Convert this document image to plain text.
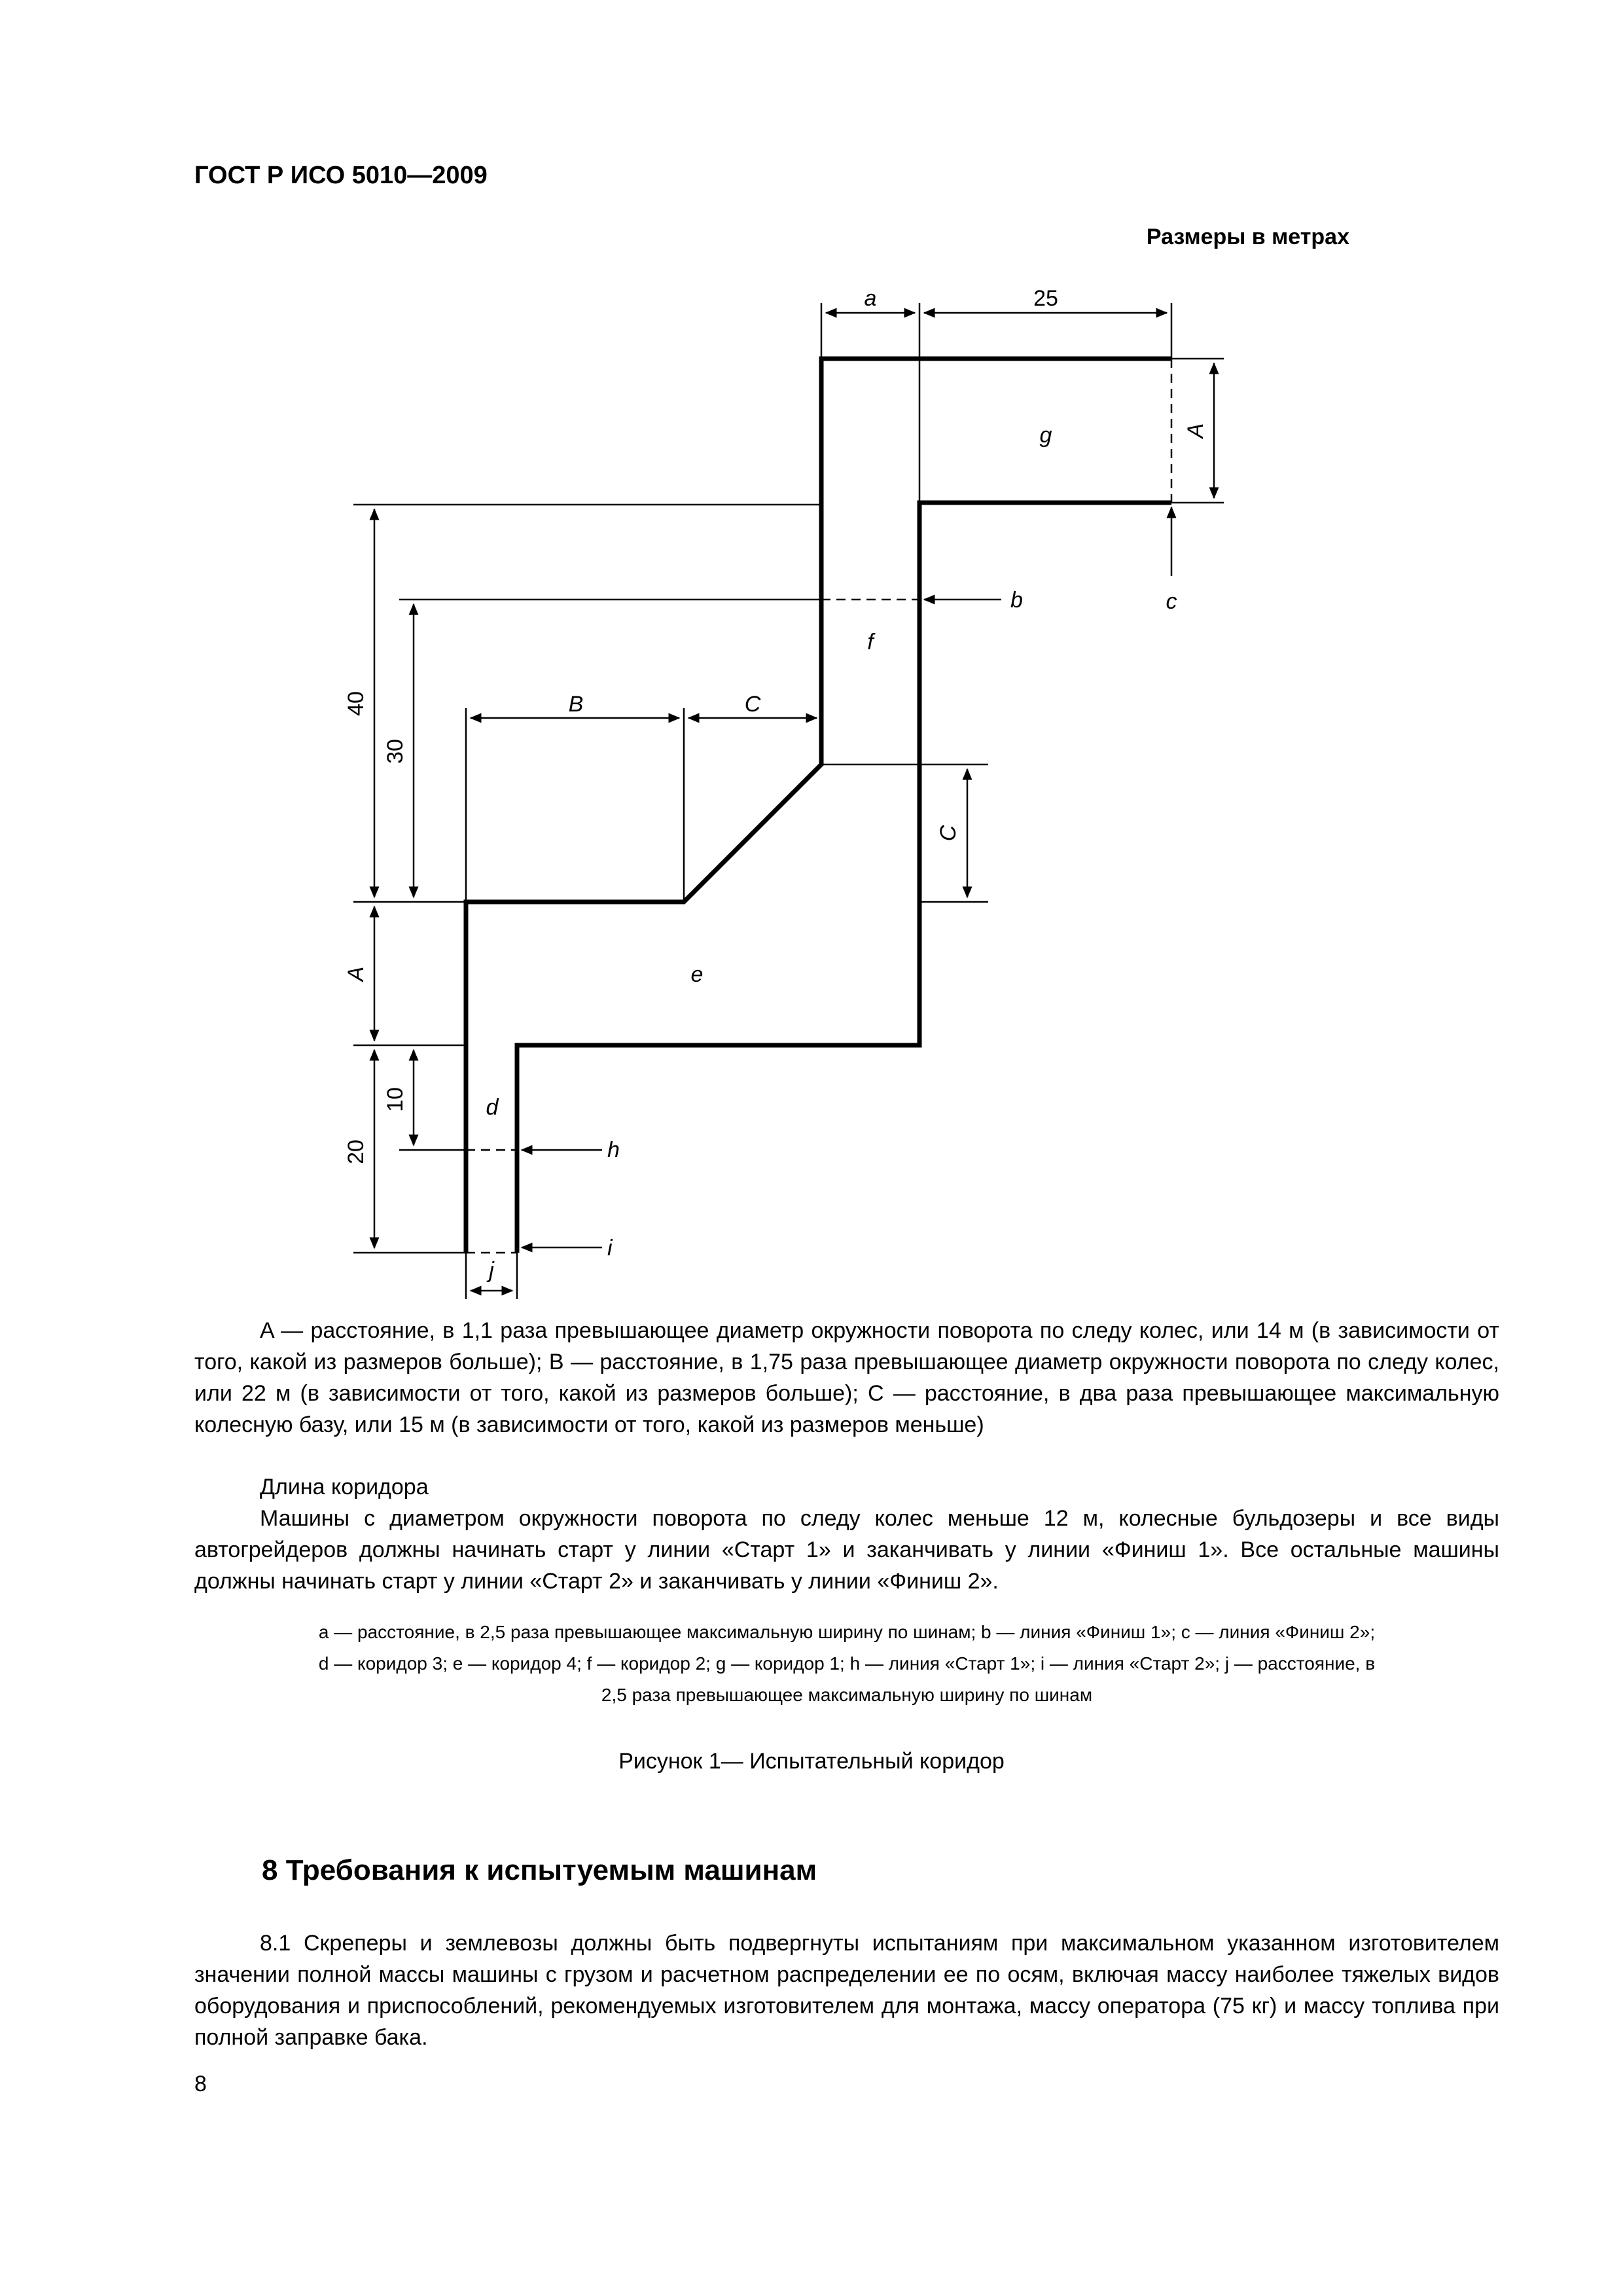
ГОСТ Р ИСО 5010—2009
Размеры в метрах
a	25
A
g
b	c
f
40
30
B	C
C
A	e
10
20
d
h
i
j

A — расстояние, в 1,1 раза превышающее диаметр окружности поворота по следу колес, или 14 м (в зависимости от того, какой из размеров больше); B — расстояние, в 1,75 раза превышающее диаметр окружности поворота по следу колес, или 22 м (в зависимости от того, какой из размеров больше); C — расстояние, в два раза превышающее максимальную колесную базу, или 15 м (в зависимости от того, какой из размеров меньше)

Длина коридора

Машины с диаметром окружности поворота по следу колес меньше 12 м, колесные бульдозеры и все виды автогрейдеров должны начинать старт у линии «Старт 1» и заканчивать у линии «Финиш 1». Все остальные машины должны начинать старт у линии «Старт 2» и заканчивать у линии «Финиш 2».

a — расстояние, в 2,5 раза превышающее максимальную ширину по шинам; b — линия «Финиш 1»; c — линия «Финиш 2»;

d — коридор 3; e — коридор 4; f — коридор 2; g — коридор 1; h — линия «Старт 1»; i — линия «Старт 2»; j — расстояние, в

2,5 раза превышающее максимальную ширину по шинам

Рисунок 1— Испытательный коридор
8 Требования к испытуемым машинам

8.1 Скреперы и землевозы должны быть подвергнуты испытаниям при максимальном указанном изготовителем значении полной массы машины с грузом и расчетном распределении ее по осям, включая массу наиболее тяжелых видов оборудования и приспособлений, рекомендуемых изготовителем для монтажа, массу оператора (75 кг) и массу топлива при полной заправке бака.

8
